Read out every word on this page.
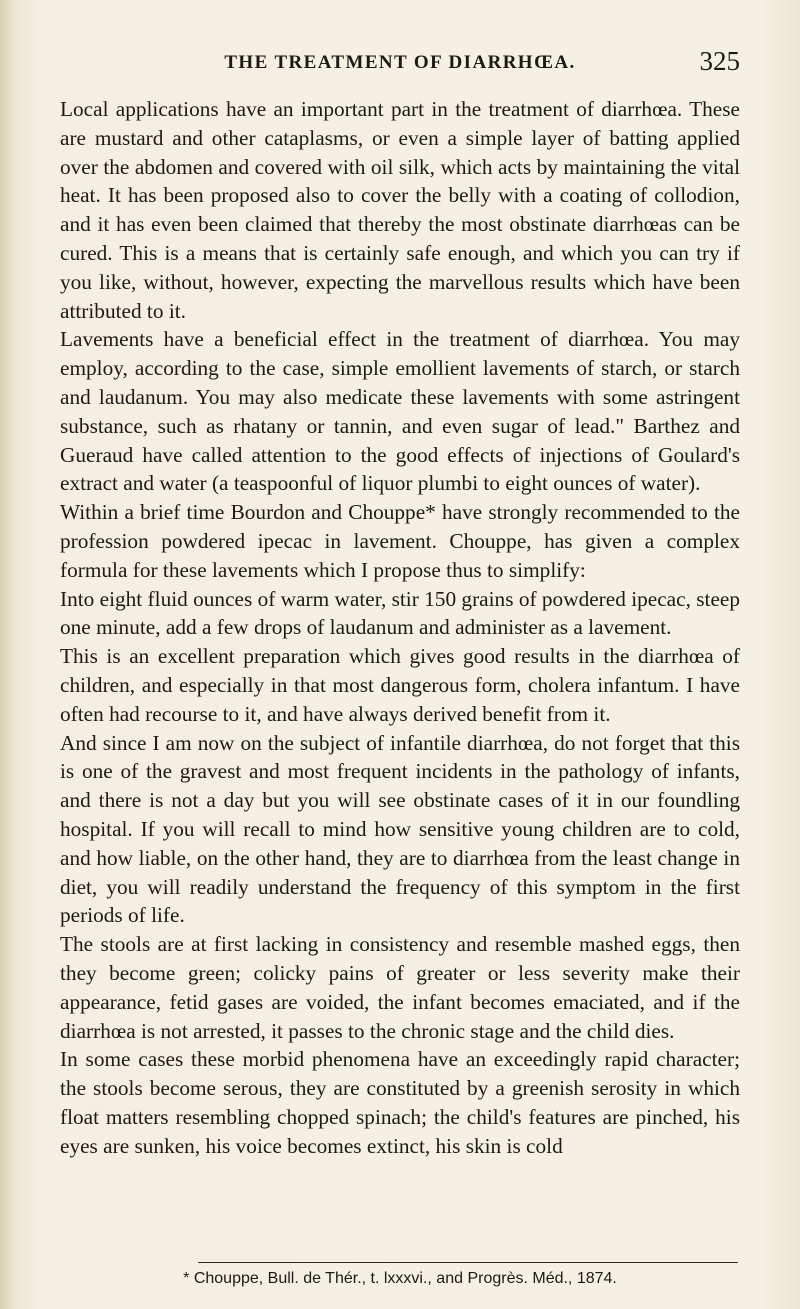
THE TREATMENT OF DIARRHŒA.	325

Local applications have an important part in the treatment of diarrhœa. These are mustard and other cataplasms, or even a simple layer of batting applied over the abdomen and covered with oil silk, which acts by maintaining the vital heat. It has been proposed also to cover the belly with a coating of collodion, and it has even been claimed that thereby the most obstinate diarrhœas can be cured. This is a means that is certainly safe enough, and which you can try if you like, without, however, expecting the marvellous results which have been attributed to it.

Lavements have a beneficial effect in the treatment of diarrhœa. You may employ, according to the case, simple emollient lavements of starch, or starch and laudanum. You may also medicate these lavements with some astringent substance, such as rhatany or tannin, and even sugar of lead." Barthez and Gueraud have called attention to the good effects of injections of Goulard's extract and water (a teaspoonful of liquor plumbi to eight ounces of water).

Within a brief time Bourdon and Chouppe* have strongly recommended to the profession powdered ipecac in lavement. Chouppe, has given a complex formula for these lavements which I propose thus to simplify:

Into eight fluid ounces of warm water, stir 150 grains of powdered ipecac, steep one minute, add a few drops of laudanum and administer as a lavement.

This is an excellent preparation which gives good results in the diarrhœa of children, and especially in that most dangerous form, cholera infantum. I have often had recourse to it, and have always derived benefit from it.

And since I am now on the subject of infantile diarrhœa, do not forget that this is one of the gravest and most frequent incidents in the pathology of infants, and there is not a day but you will see obstinate cases of it in our foundling hospital. If you will recall to mind how sensitive young children are to cold, and how liable, on the other hand, they are to diarrhœa from the least change in diet, you will readily understand the frequency of this symptom in the first periods of life.

The stools are at first lacking in consistency and resemble mashed eggs, then they become green; colicky pains of greater or less severity make their appearance, fetid gases are voided, the infant becomes emaciated, and if the diarrhœa is not arrested, it passes to the chronic stage and the child dies.

In some cases these morbid phenomena have an exceedingly rapid character; the stools become serous, they are constituted by a greenish serosity in which float matters resembling chopped spinach; the child's features are pinched, his eyes are sunken, his voice becomes extinct, his skin is cold

* Chouppe, Bull. de Thér., t. lxxxvi., and Progrès. Méd., 1874.
